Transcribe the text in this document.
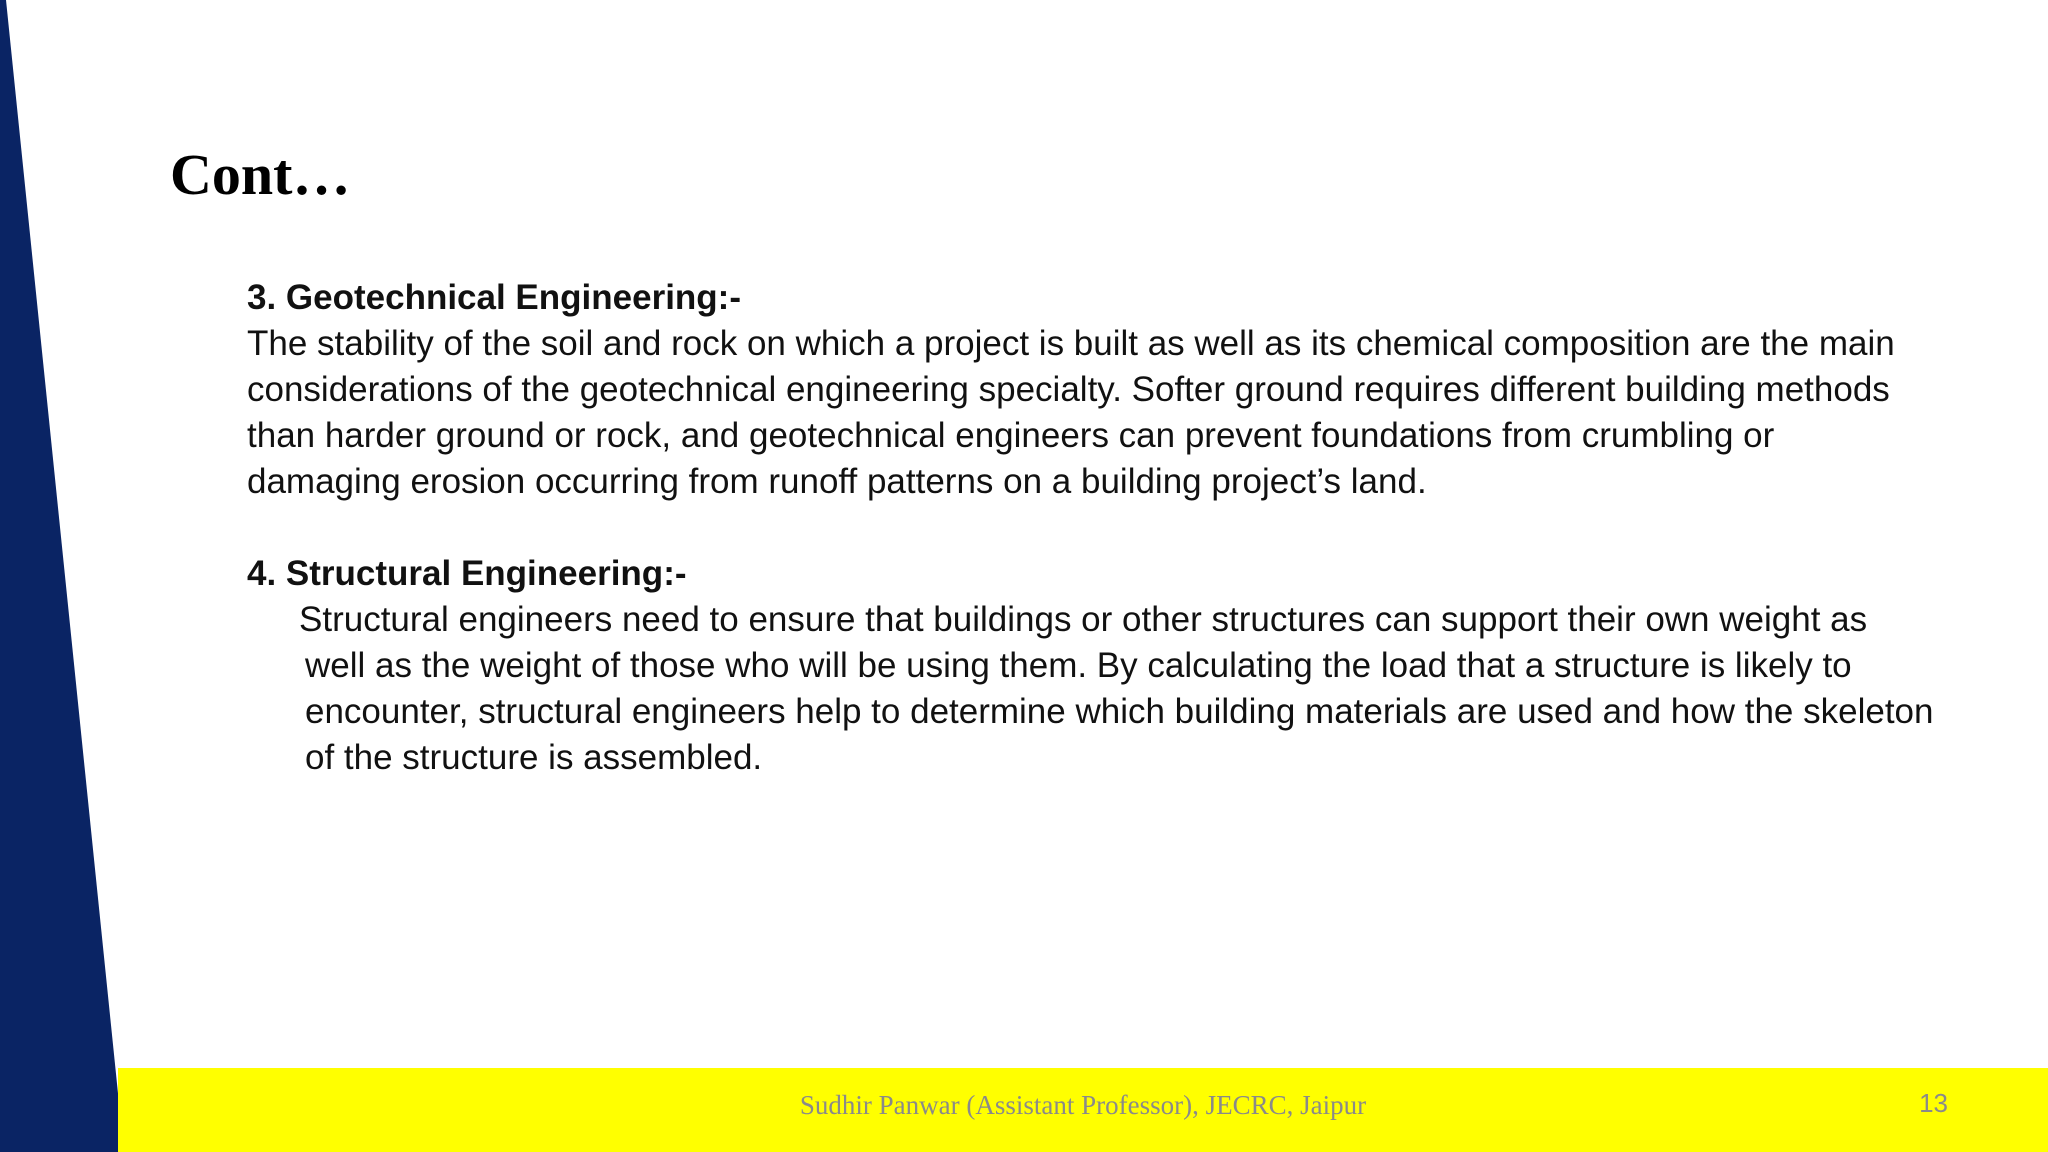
Cont…

3. Geotechnical Engineering:-

The stability of the soil and rock on which a project is built as well as its chemical composition are the main considerations of the geotechnical engineering specialty. Softer ground requires different building methods than harder ground or rock, and geotechnical engineers can prevent foundations from crumbling or damaging erosion occurring from runoff patterns on a building project’s land.

4. Structural Engineering:-

Structural engineers need to ensure that buildings or other structures can support their own weight as well as the weight of those who will be using them. By calculating the load that a structure is likely to encounter, structural engineers help to determine which building materials are used and how the skeleton of the structure is assembled.

Sudhir Panwar (Assistant Professor), JECRC, Jaipur	13
